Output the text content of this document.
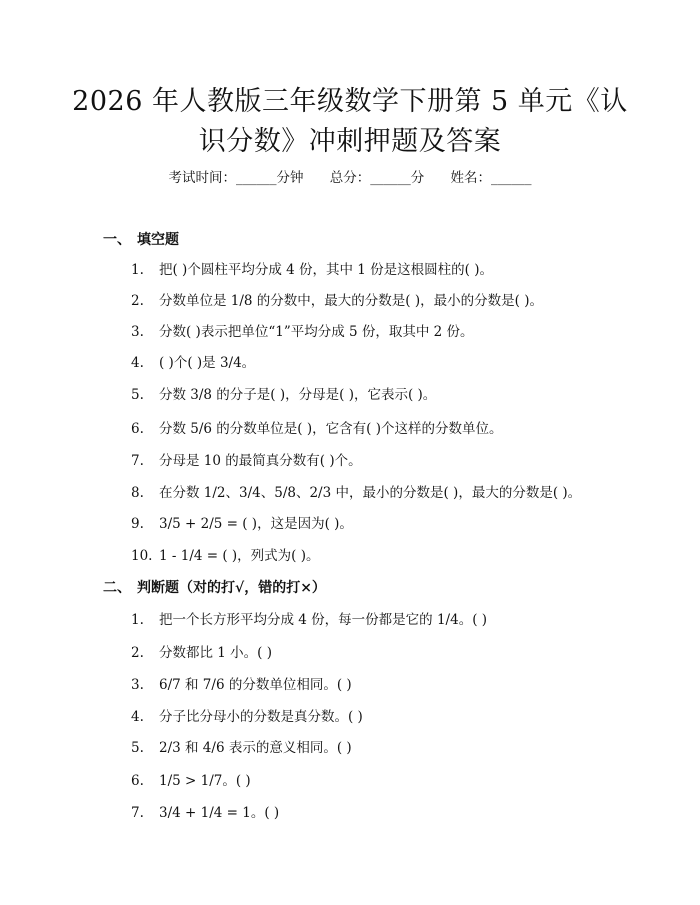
2026 年人教版三年级数学下册第 5 单元《认
识分数》冲刺押题及答案
考试时间：______分钟 总分：______分 姓名：______
一、 填空题
1. 把( )个圆柱平均分成 4 份，其中 1 份是这根圆柱的( )。
2. 分数单位是 1/8 的分数中，最大的分数是( )，最小的分数是( )。
3. 分数( )表示把单位“1”平均分成 5 份，取其中 2 份。
4. ( )个( )是 3/4。
5. 分数 3/8 的分子是( )，分母是( )，它表示( )。
6. 分数 5/6 的分数单位是( )，它含有( )个这样的分数单位。
7. 分母是 10 的最简真分数有( )个。
8. 在分数 1/2、3/4、5/8、2/3 中，最小的分数是( )，最大的分数是( )。
9. 3/5 + 2/5 = ( )，这是因为( )。
10. 1 - 1/4 = ( )，列式为( )。
二、 判断题（对的打√，错的打×）
1. 把一个长方形平均分成 4 份，每一份都是它的 1/4。( )
2. 分数都比 1 小。( )
3. 6/7 和 7/6 的分数单位相同。( )
4. 分子比分母小的分数是真分数。( )
5. 2/3 和 4/6 表示的意义相同。( )
6. 1/5 > 1/7。( )
7. 3/4 + 1/4 = 1。( )
